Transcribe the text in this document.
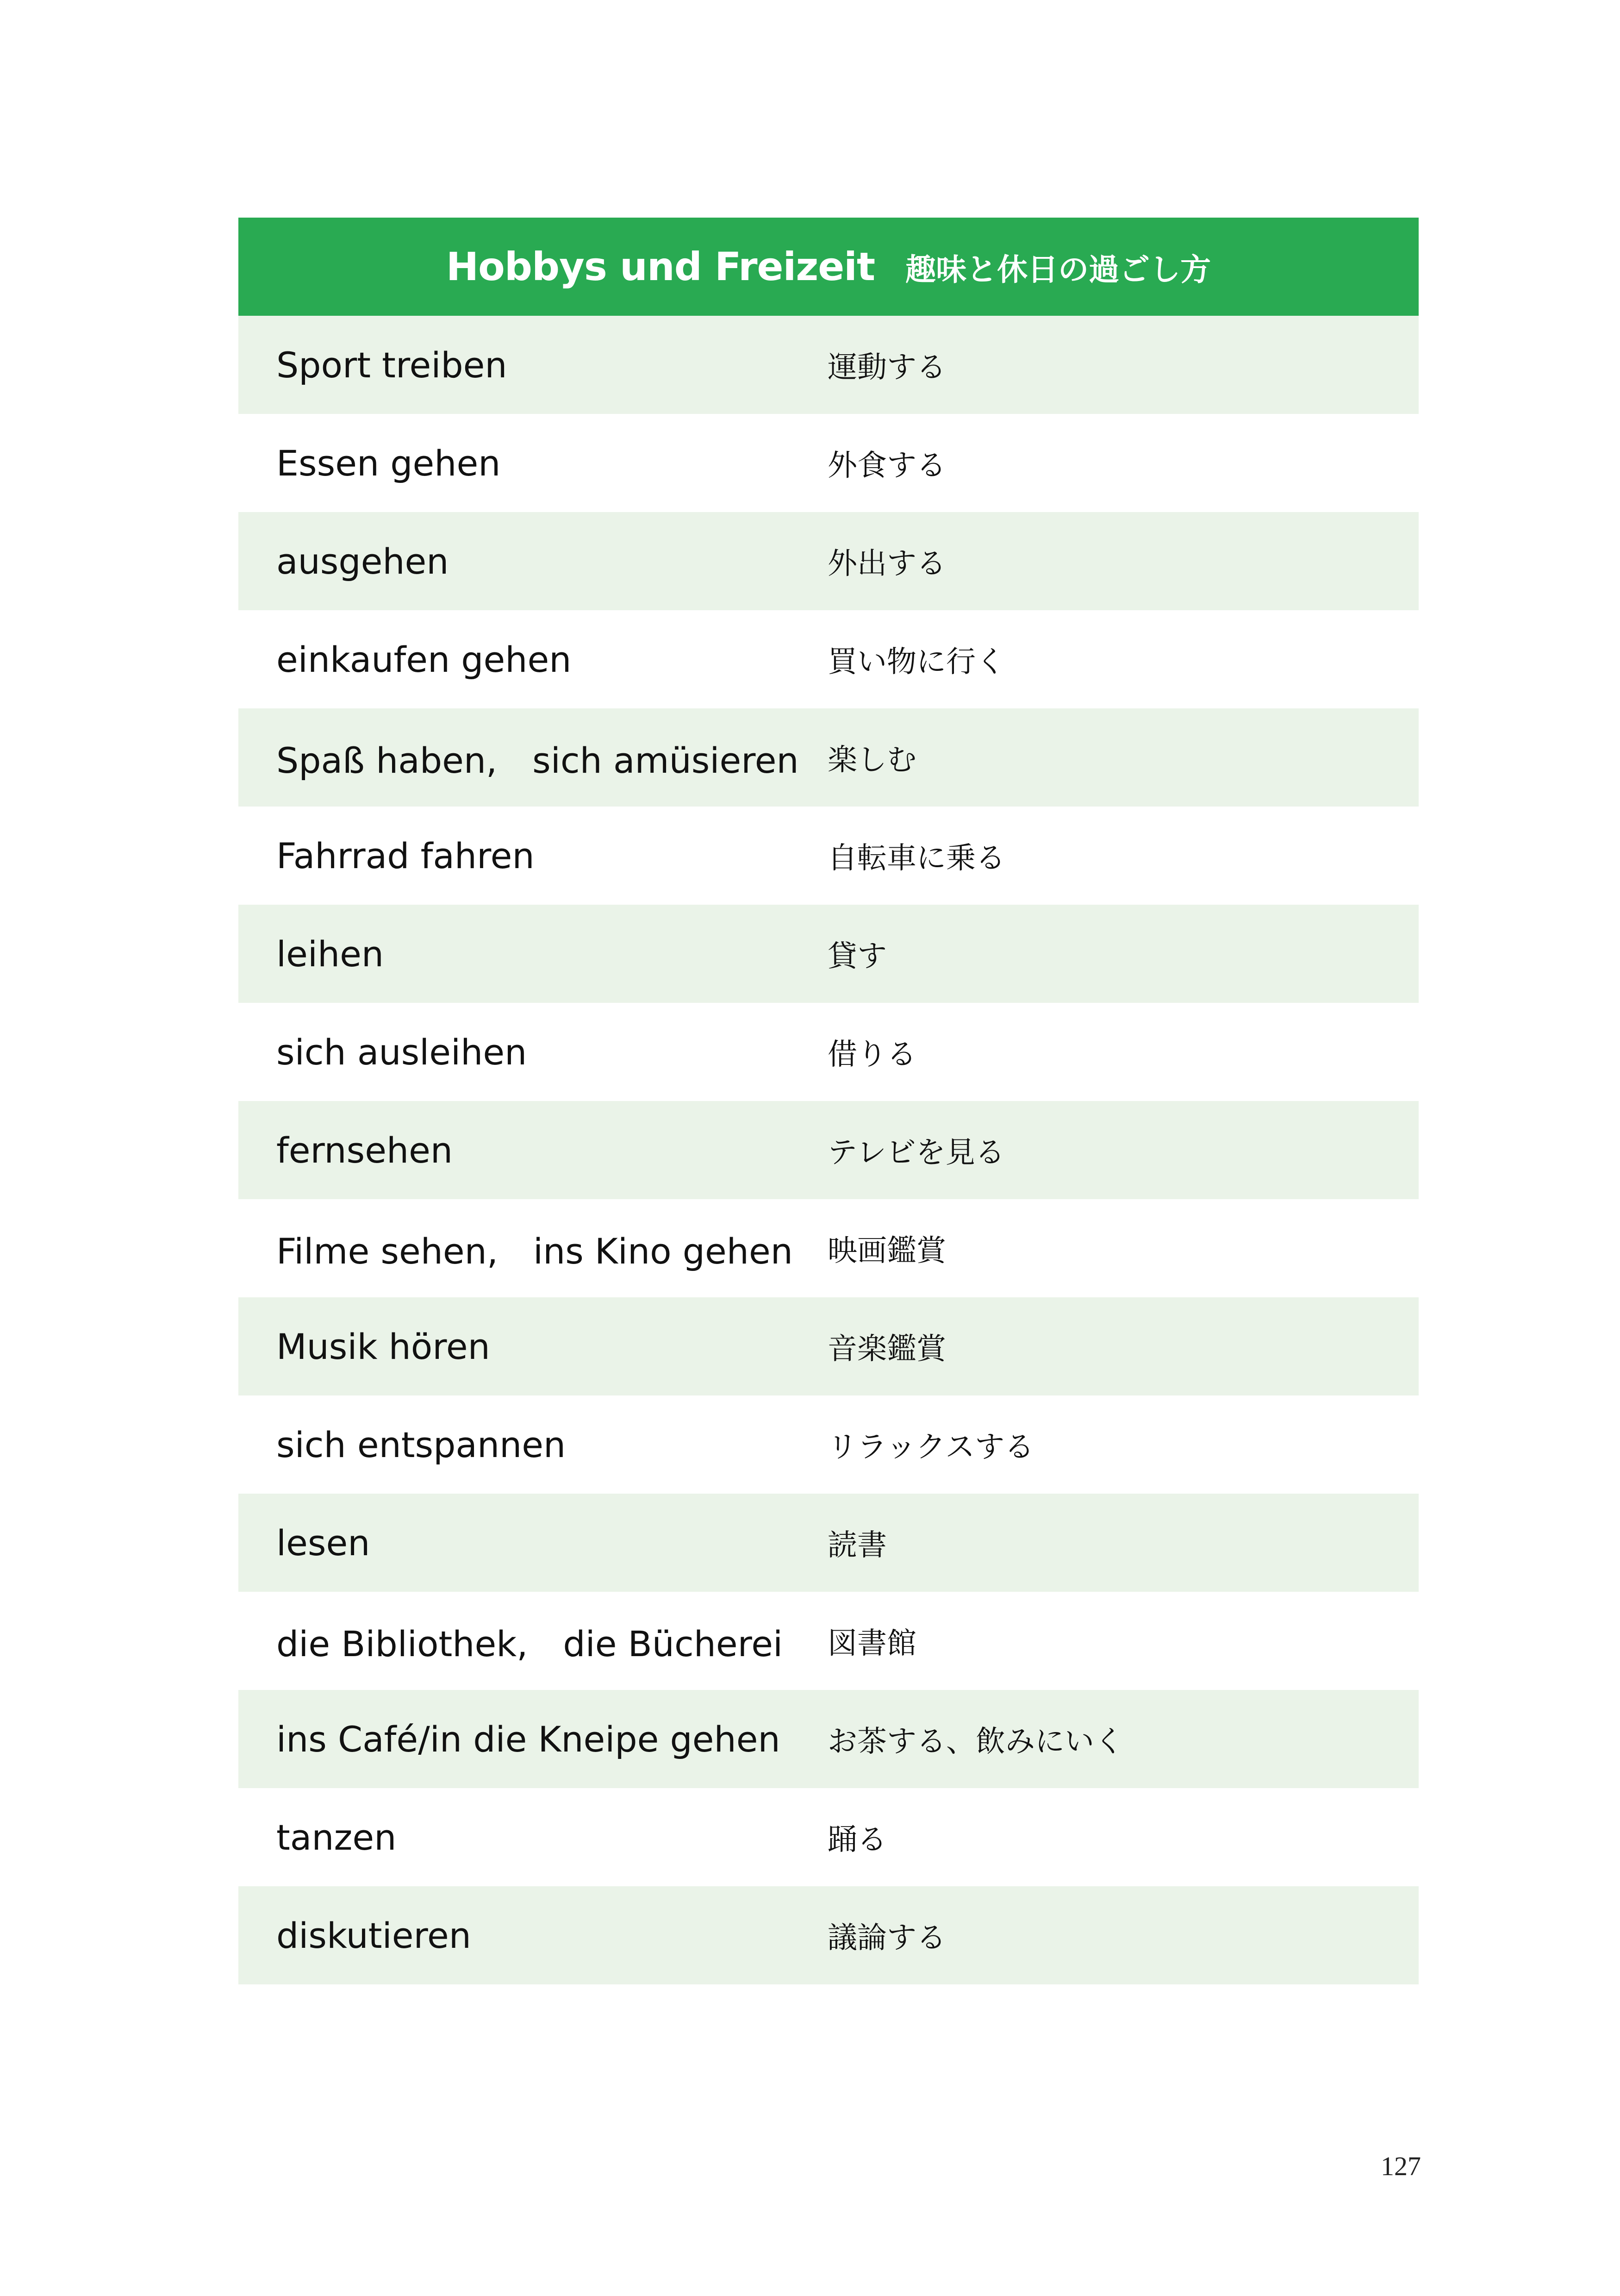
Hobbys und Freizeit 趣味と休日の過ごし方
Sport treiben	運動する
Essen gehen	外食する
ausgehen	外出する
einkaufen gehen	買い物に行く
Spaß haben,　sich amüsieren 楽しむ
Fahrrad fahren	自転車に乗る
leihen	貸す
sich ausleihen	借りる
fernsehen	テレビを見る
Filme sehen,　ins Kino gehen	映画鑑賞
Musik hören	音楽鑑賞
sich entspannen	リラックスする
lesen	読書
die Bibliothek,　die Bücherei	図書館
ins Café/in die Kneipe gehen	お茶する、飲みにいく
tanzen	踊る
diskutieren	議論する
127
